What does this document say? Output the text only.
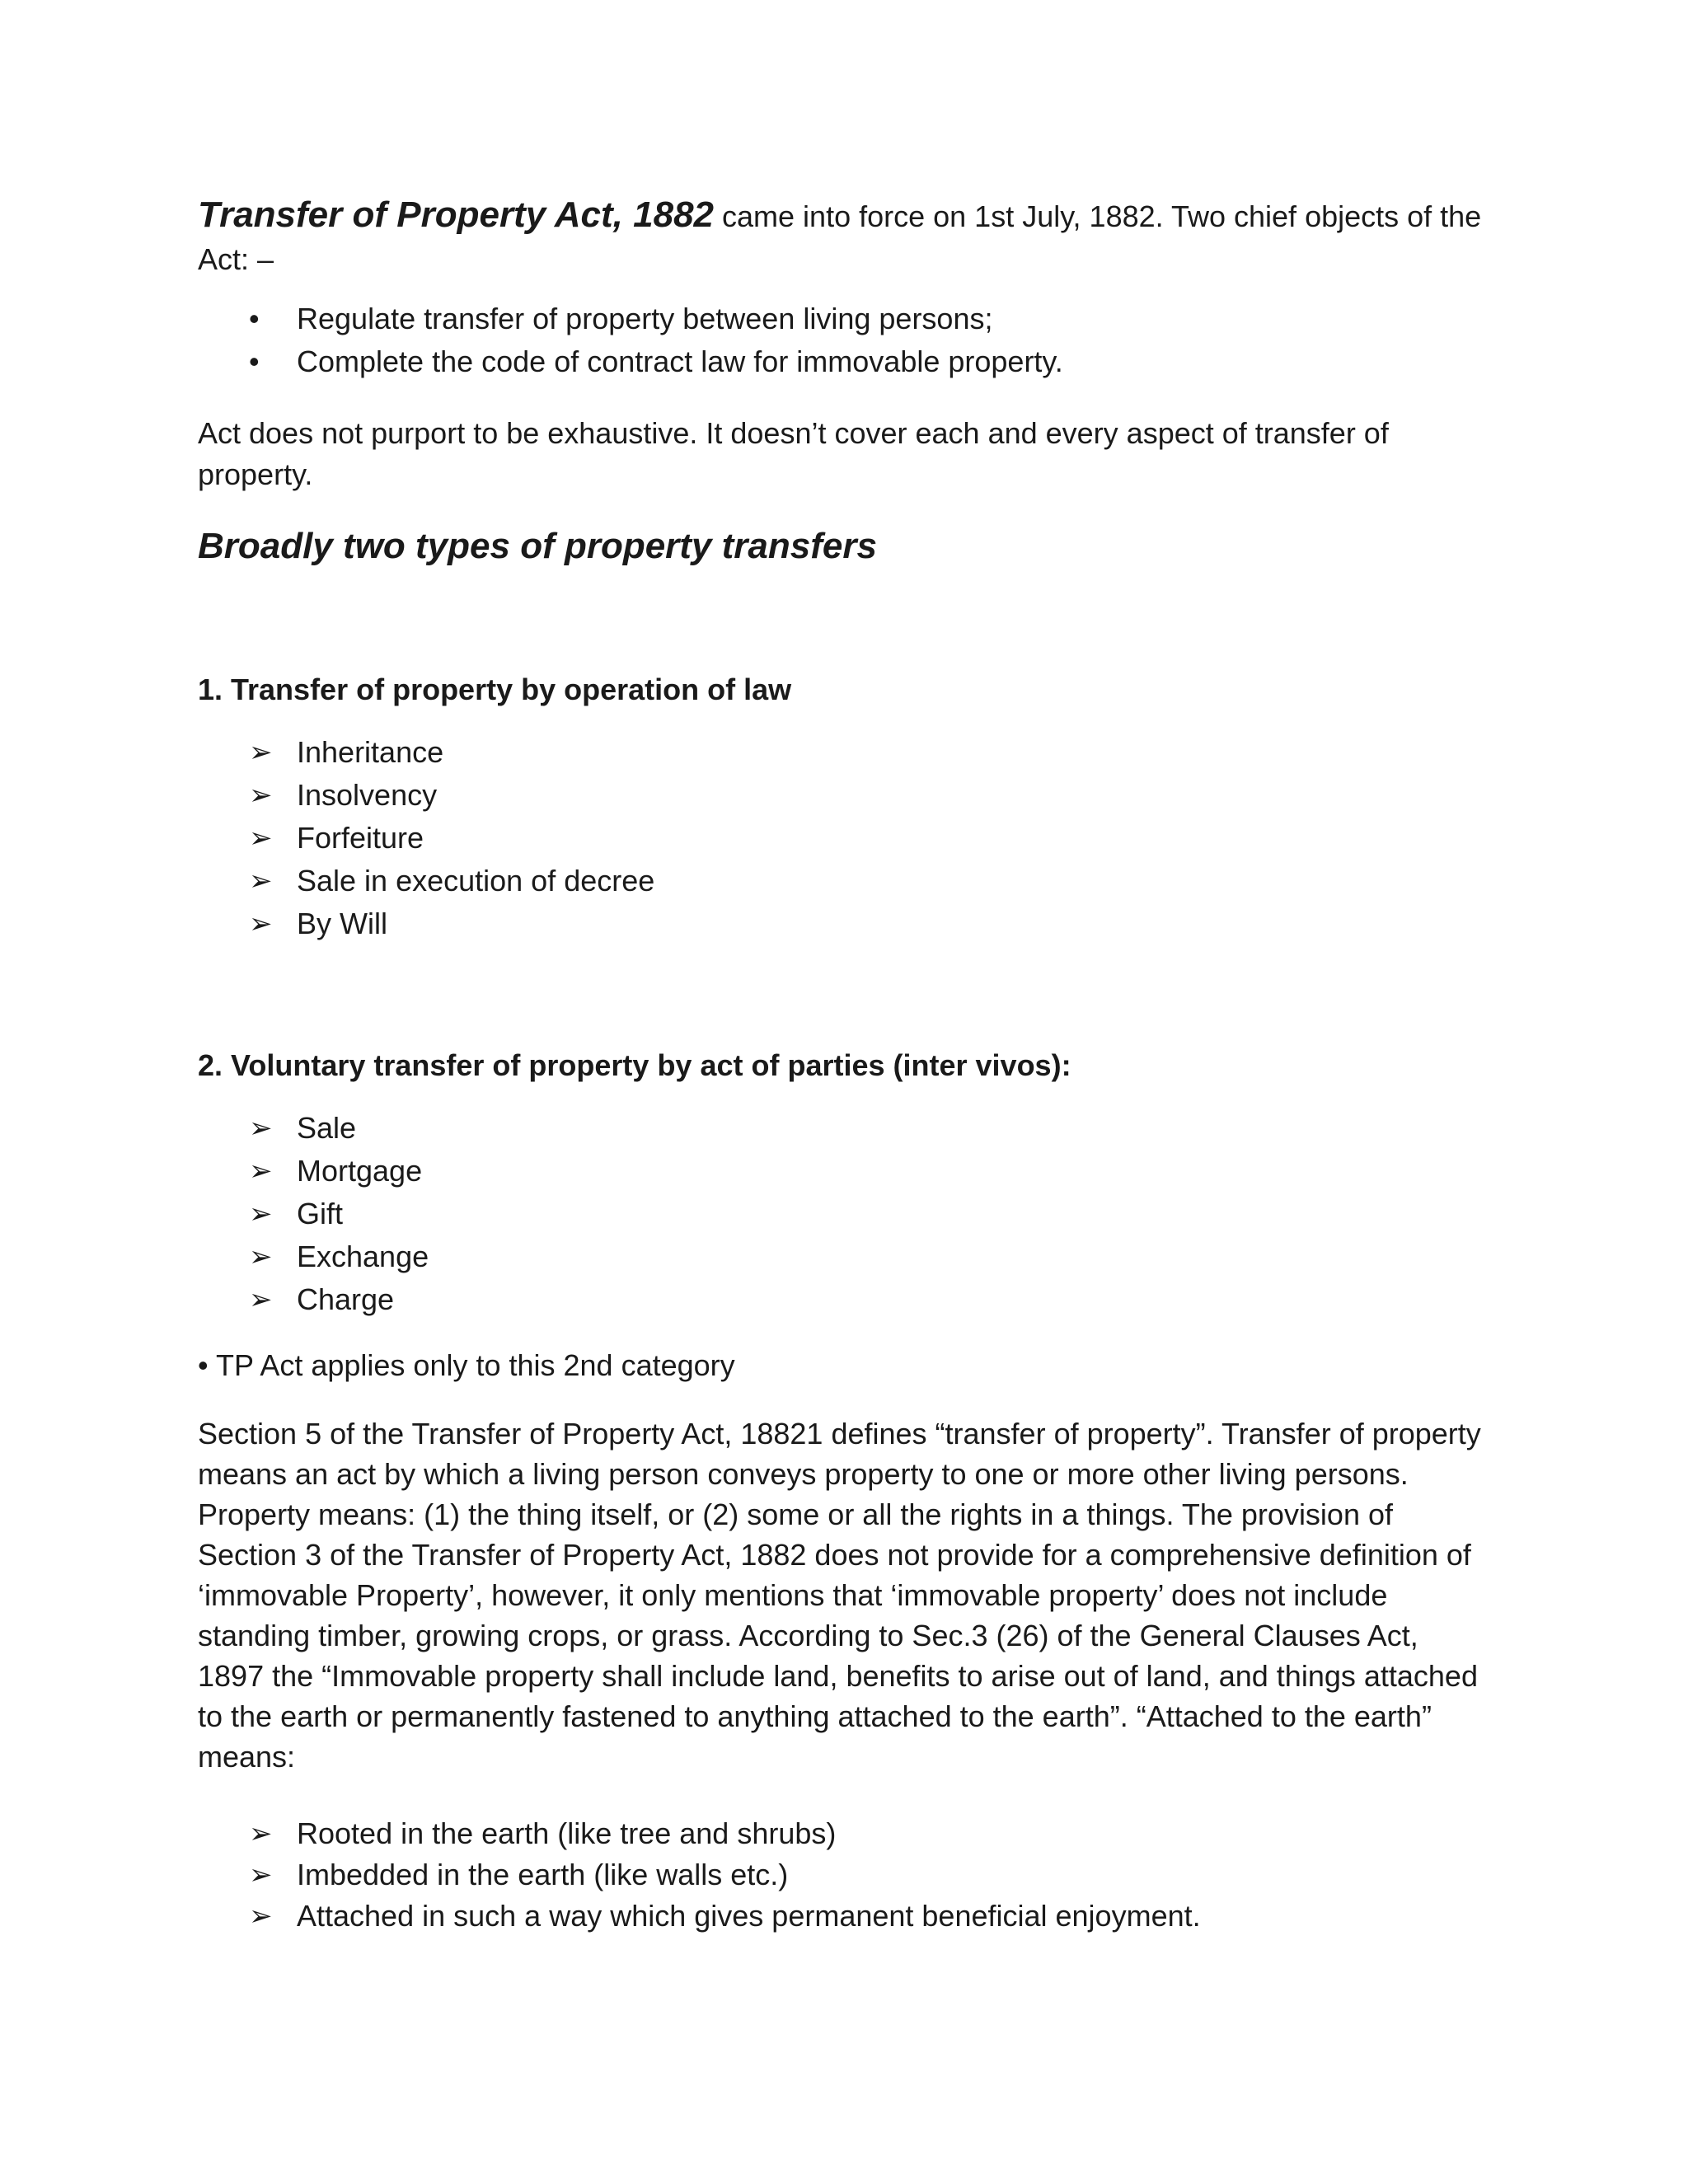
Transfer of Property Act, 1882 came into force on 1st July, 1882. Two chief objects of the Act: –

• Regulate transfer of property between living persons;
• Complete the code of contract law for immovable property.

Act does not purport to be exhaustive. It doesn’t cover each and every aspect of transfer of property.

Broadly two types of property transfers
1. Transfer of property by operation of law
➢ Inheritance
➢ Insolvency
➢ Forfeiture
➢ Sale in execution of decree
➢ By Will
2. Voluntary transfer of property by act of parties (inter vivos):
➢ Sale
➢ Mortgage
➢ Gift
➢ Exchange
➢ Charge

• TP Act applies only to this 2nd category

Section 5 of the Transfer of Property Act, 18821 defines “transfer of property”. Transfer of property means an act by which a living person conveys property to one or more other living persons. Property means: (1) the thing itself, or (2) some or all the rights in a things. The provision of Section 3 of the Transfer of Property Act, 1882 does not provide for a comprehensive definition of ‘immovable Property’, however, it only mentions that ‘immovable property’ does not include standing timber, growing crops, or grass. According to Sec.3 (26) of the General Clauses Act, 1897 the “Immovable property shall include land, benefits to arise out of land, and things attached to the earth or permanently fastened to anything attached to the earth”. “Attached to the earth” means:

➢ Rooted in the earth (like tree and shrubs)
➢ Imbedded in the earth (like walls etc.)
➢ Attached in such a way which gives permanent beneficial enjoyment.
